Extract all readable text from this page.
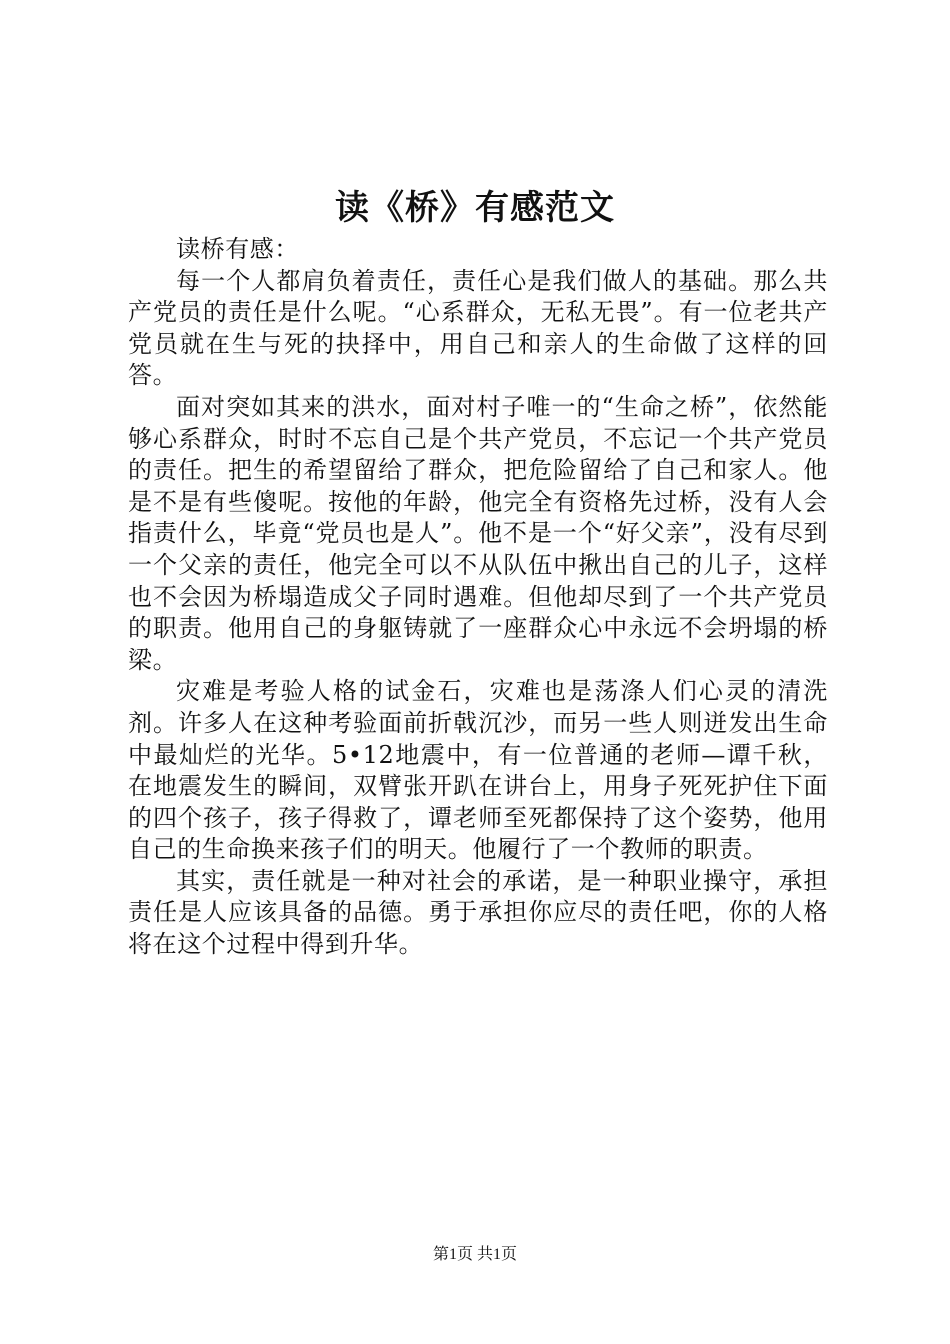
读《桥》有感范文

读桥有感：

每一个人都肩负着责任，责任心是我们做人的基础。那么共产党员的责任是什么呢。“心系群众，无私无畏”。有一位老共产党员就在生与死的抉择中，用自己和亲人的生命做了这样的回答。

面对突如其来的洪水，面对村子唯一的“生命之桥”，依然能够心系群众，时时不忘自己是个共产党员，不忘记一个共产党员的责任。把生的希望留给了群众，把危险留给了自己和家人。他是不是有些傻呢。按他的年龄，他完全有资格先过桥，没有人会指责什么，毕竟“党员也是人”。他不是一个“好父亲”，没有尽到一个父亲的责任，他完全可以不从队伍中揪出自己的儿子，这样也不会因为桥塌造成父子同时遇难。但他却尽到了一个共产党员的职责。他用自己的身躯铸就了一座群众心中永远不会坍塌的桥梁。

灾难是考验人格的试金石，灾难也是荡涤人们心灵的清洗剂。许多人在这种考验面前折戟沉沙，而另一些人则迸发出生命中最灿烂的光华。5•12地震中，有一位普通的老师—谭千秋，在地震发生的瞬间，双臂张开趴在讲台上，用身子死死护住下面的四个孩子，孩子得救了，谭老师至死都保持了这个姿势，他用自己的生命换来孩子们的明天。他履行了一个教师的职责。

其实，责任就是一种对社会的承诺，是一种职业操守，承担责任是人应该具备的品德。勇于承担你应尽的责任吧，你的人格将在这个过程中得到升华。

第1页 共1页
